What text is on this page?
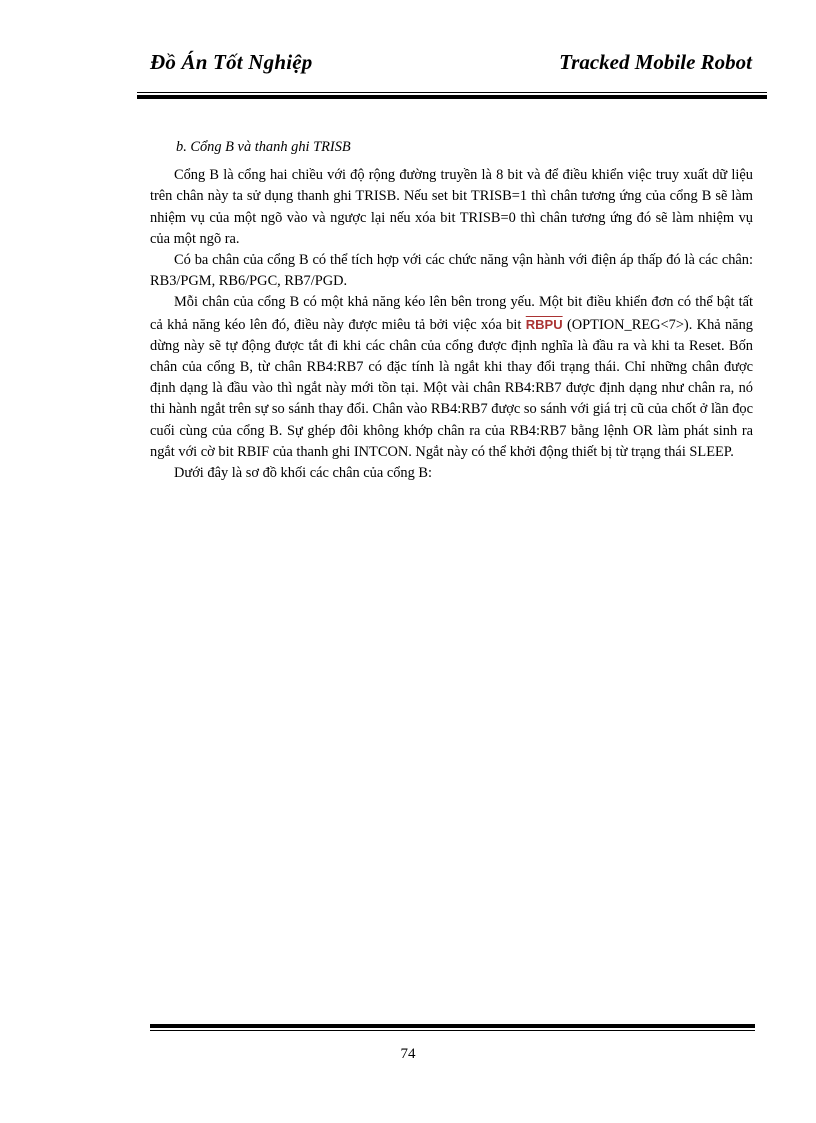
Đồ Án Tốt Nghiệp	Tracked Mobile Robot

b. Cổng B và thanh ghi TRISB

Cổng B là cổng hai chiều với độ rộng đường truyền là 8 bit và để điều khiển việc truy xuất dữ liệu trên chân này ta sử dụng thanh ghi TRISB. Nếu set bit TRISB=1 thì chân tương ứng của cổng B sẽ làm nhiệm vụ của một ngõ vào và ngược lại nếu xóa bit TRISB=0 thì chân tương ứng đó sẽ làm nhiệm vụ của một ngõ ra.

Có ba chân của cổng B có thể tích hợp với các chức năng vận hành với điện áp thấp đó là các chân: RB3/PGM, RB6/PGC, RB7/PGD.

Mỗi chân của cổng B có một khả năng kéo lên bên trong yếu. Một bit điều khiển đơn có thể bật tất cả khả năng kéo lên đó, điều này được miêu tả bởi việc xóa bit RBPU (OPTION_REG<7>). Khả năng dừng này sẽ tự động được tắt đi khi các chân của cổng được định nghĩa là đầu ra và khi ta Reset. Bốn chân của cổng B, từ chân RB4:RB7 có đặc tính là ngắt khi thay đổi trạng thái. Chỉ những chân được định dạng là đầu vào thì ngắt này mới tồn tại. Một vài chân RB4:RB7 được định dạng như chân ra, nó thi hành ngắt trên sự so sánh thay đổi. Chân vào RB4:RB7 được so sánh với giá trị cũ của chốt ở lần đọc cuối cùng của cổng B. Sự ghép đôi không khớp chân ra của RB4:RB7 bằng lệnh OR làm phát sinh ra ngắt với cờ bit RBIF của thanh ghi INTCON. Ngắt này có thể khởi động thiết bị từ trạng thái SLEEP.

Dưới đây là sơ đồ khối các chân của cổng B:

74
